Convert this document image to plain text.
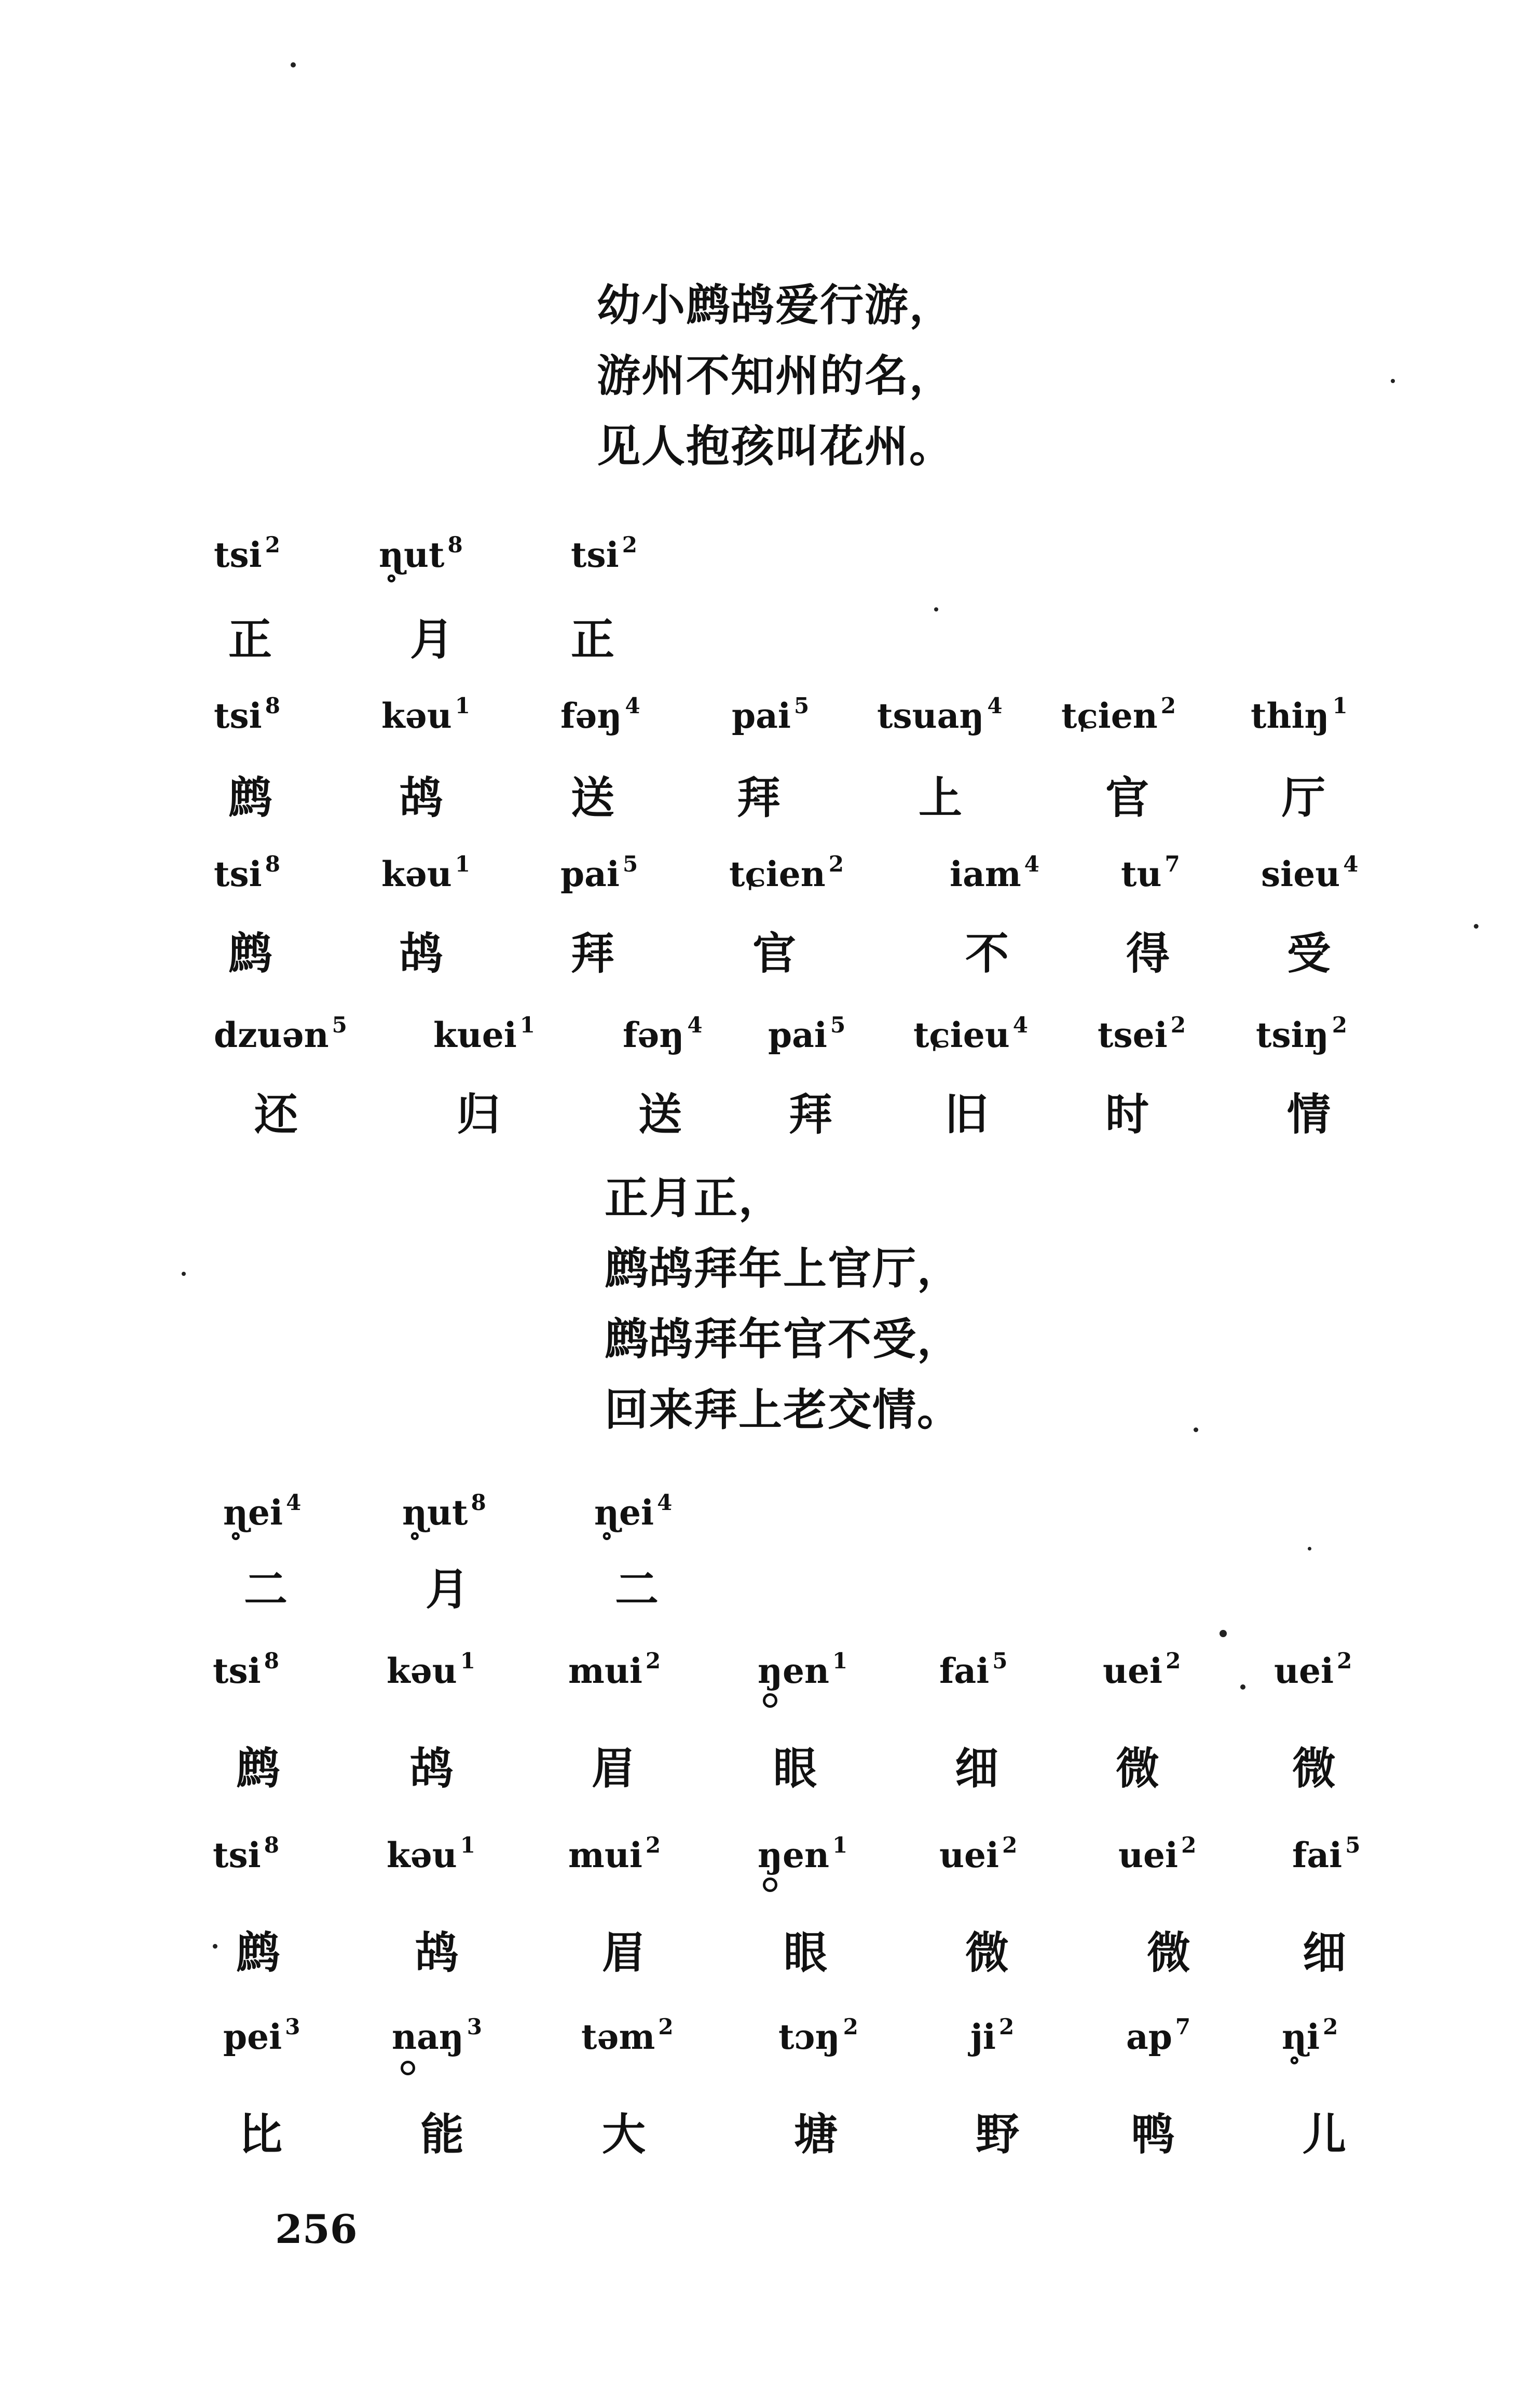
幼小鹧鸪爱行游，
游州不知州的名，
见人抱孩叫花州。
tsi $^2$	ɳ̥ut $^8$	tsi $^2$
正	月	正
tsi $^8$	kəu $^1$	fəŋ $^4$	pai $^5$ tsuaŋ $^4$ tɕien $^2$ thiŋ $^1$
鹧	鸪	送	拜	上	官	厅
tsi $^8$	kəu $^1$	pai $^5$	tɕien $^2$	iam $^4$ tu $^7$ sieu $^4$
鹧	鸪	拜	官	不	得	受
dzuən $^5$	kuei $^1$	fəŋ $^4$ pai $^5$ tɕieu $^4$ tsei $^2$ tsiŋ $^2$
还	归	送 拜	旧	时	情
正月正，
鹧鸪拜年上官厅，
鹧鸪拜年官不受，
回来拜上老交情。
ɳ̥ei $^4$	ɳ̥ut $^8$	ɳ̥ei $^4$
二	月	二
tsi $^8$	kəu $^1$	mui $^2$	ŋen $^1$	fai $^5$	uei $^2$	uei $^2$
鹧	鸪	眉	眼	细	微	微
tsi $^8$	kəu $^1$	mui $^2$	ŋen $^1$	uei $^2$	uei $^2$	fai $^5$
鹧	鸪	眉	眼	微	微	细
pei $^3$	naŋ $^3$	təm $^2$	tɔŋ $^2$	ji $^2$	ap $^7$	ɳ̥i $^2$
比	能	大	塘	野	鸭	儿
256
